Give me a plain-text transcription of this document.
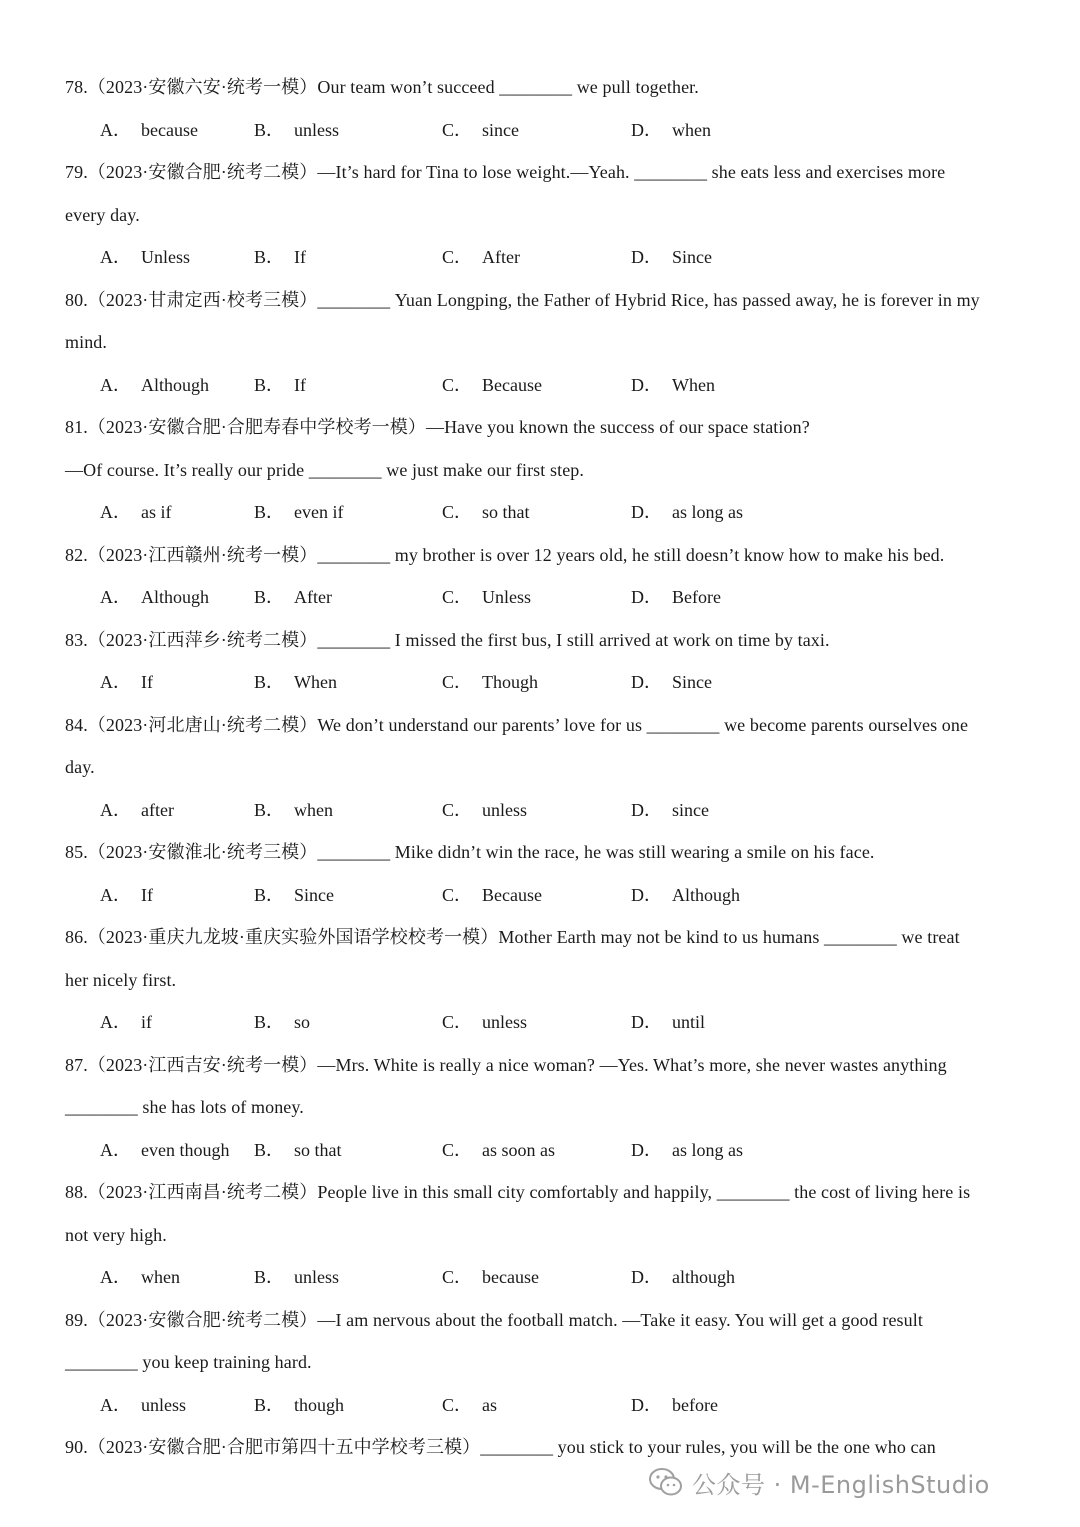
78.（2023·安徽六安·统考一模）Our team won’t succeed ________ we pull together.
A． because	B． unless	C． since	D． when
79.（2023·安徽合肥·统考二模）—It’s hard for Tina to lose weight.—Yeah. ________ she eats less and exercises more
every day.
A． Unless	B． If	C． After	D． Since
80.（2023·甘肃定西·校考三模）________ Yuan Longping, the Father of Hybrid Rice, has passed away, he is forever in my
mind.
A． Although B． If	C． Because	D． When
81.（2023·安徽合肥·合肥寿春中学校考一模）—Have you known the success of our space station?
—Of course. It’s really our pride ________ we just make our first step.
A． as if	B． even if	C． so that	D． as long as
82.（2023·江西赣州·统考一模）________ my brother is over 12 years old, he still doesn’t know how to make his bed.
A． Although B． After	C． Unless	D． Before
83.（2023·江西萍乡·统考二模）________ I missed the first bus, I still arrived at work on time by taxi.
A． If	B． When	C． Though	D． Since
84.（2023·河北唐山·统考二模）We don’t understand our parents’ love for us ________ we become parents ourselves one
day.
A． after	B． when	C． unless	D． since
85.（2023·安徽淮北·统考三模）________ Mike didn’t win the race, he was still wearing a smile on his face.
A． If	B． Since	C． Because	D． Although
86.（2023·重庆九龙坡·重庆实验外国语学校校考一模）Mother Earth may not be kind to us humans ________ we treat
her nicely first.
A． if	B． so	C． unless	D． until
87.（2023·江西吉安·统考一模）—Mrs. White is really a nice woman? —Yes. What’s more, she never wastes anything
________ she has lots of money.
A． even though B． so that	C． as soon as	D． as long as
88.（2023·江西南昌·统考二模）People live in this small city comfortably and happily, ________ the cost of living here is
not very high.
A． when	B． unless	C． because	D． although
89.（2023·安徽合肥·统考二模）—I am nervous about the football match. —Take it easy. You will get a good result
________ you keep training hard.
A． unless	B． though	C． as	D． before
90.（2023·安徽合肥·合肥市第四十五中学校考三模）________ you stick to your rules, you will be the one who can
公众号 · M-EnglishStudio
